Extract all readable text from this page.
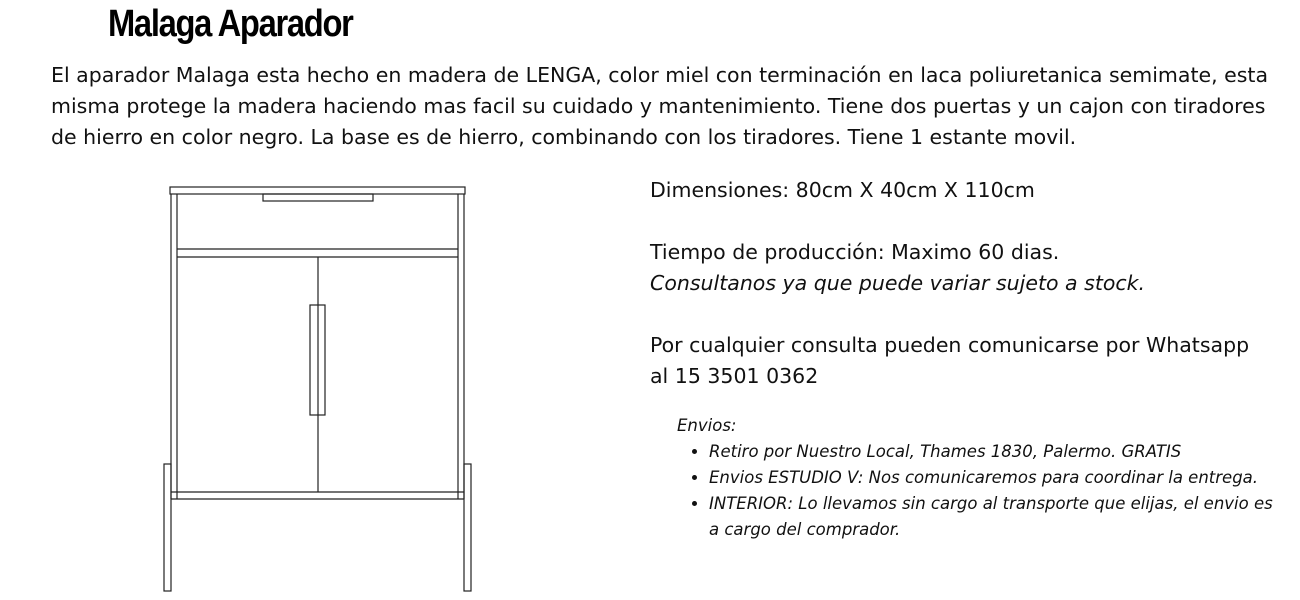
Malaga Aparador

El aparador Malaga esta hecho en madera de LENGA, color miel con terminación en laca poliuretanica semimate, esta misma protege la madera haciendo mas facil su cuidado y mantenimiento. Tiene dos puertas y un cajon con tiradores de hierro en color negro. La base es de hierro, combinando con los tiradores. Tiene 1 estante movil.

Dimensiones: 80cm X 40cm X 110cm

Tiempo de producción: Maximo 60 dias.

Consultanos ya que puede variar sujeto a stock.

Por cualquier consulta pueden comunicarse por Whatsapp al 15 3501 0362

Envios:
• Retiro por Nuestro Local, Thames 1830, Palermo. GRATIS
• Envios ESTUDIO V: Nos comunicaremos para coordinar la entrega.
• INTERIOR: Lo llevamos sin cargo al transporte que elijas, el envio es a cargo del comprador.
